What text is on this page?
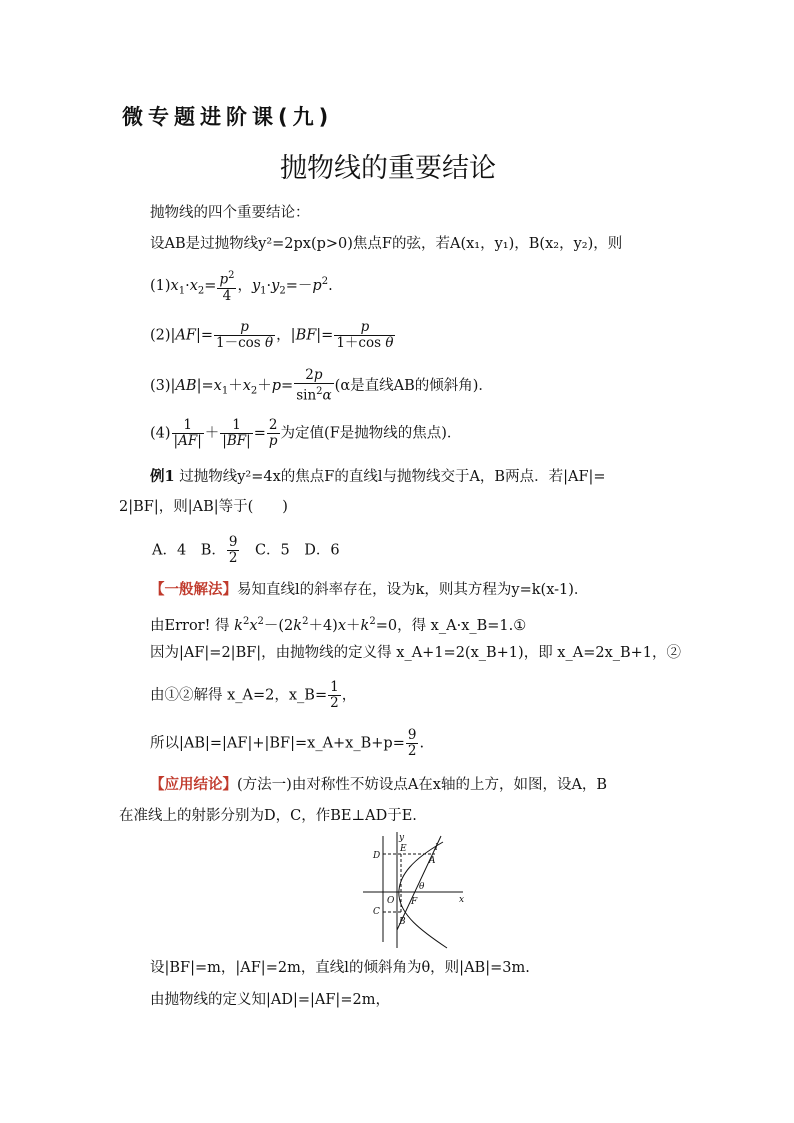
微专题进阶课(九)
抛物线的重要结论
抛物线的四个重要结论：
设AB是过抛物线y²=2px(p>0)焦点F的弦，若A(x₁，y₁)，B(x₂，y₂)，则
$(1)x_1\cdot x_2= \frac{p^2}{4}$ ，$y_1\cdot y_2=-p^2$.
$(2)|AF|= \frac{p}{\text{1－cos θ}}$ ，$|BF|= \frac{p}{\text{1＋cos θ}}$
$(3)|AB|=x_1+x_2+p= \frac{2p}{\sin^2\alpha} (\alpha$是直线AB的倾斜角)．
$(4) \frac{1}{|AF|} + \frac{1}{|BF|} = \frac{2}{p}$ 为定值(F是抛物线的焦点)．
例1 过抛物线y²=4x的焦点F的直线l与抛物线交于A，B两点．若|AF|=
2|BF|，则|AB|等于(　　)
A．4　B． $\frac{9}{2}$ 　C．5　D．6
【一般解法】易知直线l的斜率存在，设为k，则其方程为y=k(x-1)．
由Error! 得 $k^2x^2-(2k^2+4)x+k^2=0$，得 x_A·x_B=1.①
因为|AF|=2|BF|，由抛物线的定义得 x_A+1=2(x_B+1)，即 x_A=2x_B+1，②
由①②解得 x_A=2，x_B= $\frac{1}{2}$ ，
所以|AB|=|AF|+|BF|=x_A+x_B+p= $\frac{9}{2}$ .
【应用结论】(方法一)由对称性不妨设点A在x轴的上方，如图，设A，B
在准线上的射影分别为D，C，作BE⊥AD于E.
y
x
D
E
A
l
θ
F
O
C
B
设|BF|=m，|AF|=2m，直线l的倾斜角为θ，则|AB|=3m.
由抛物线的定义知|AD|=|AF|=2m，
